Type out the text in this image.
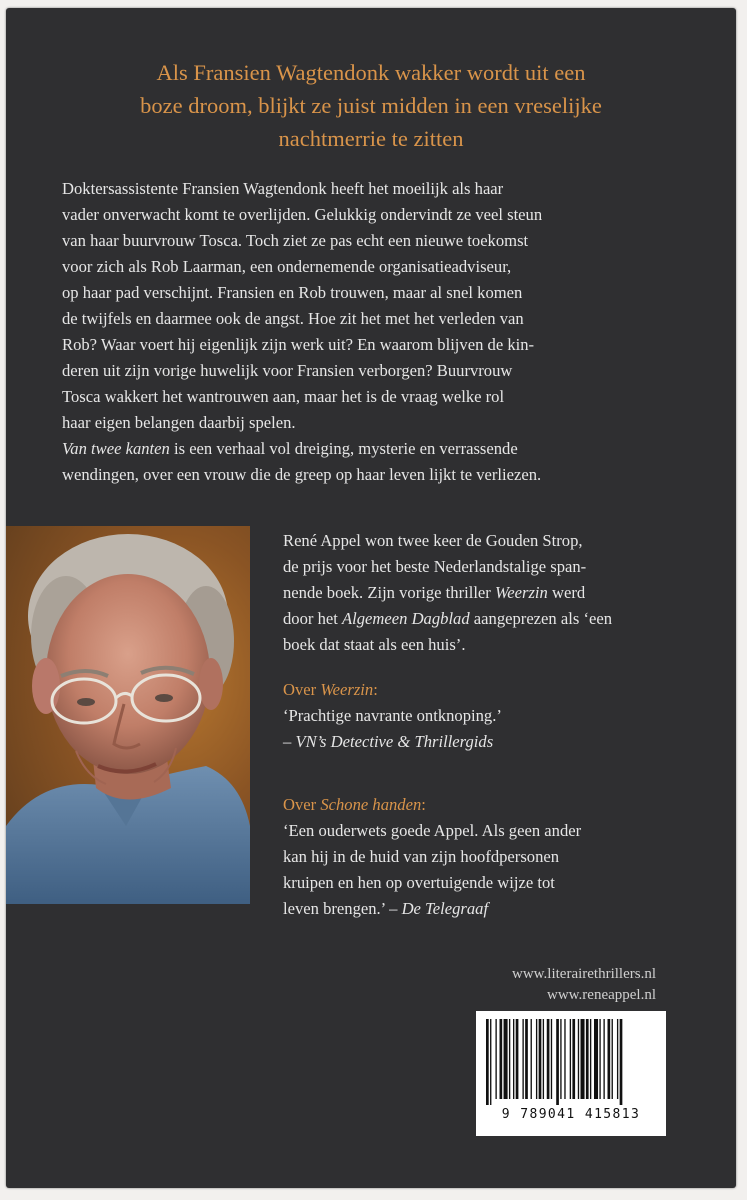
Als Fransien Wagtendonk wakker wordt uit een
boze droom, blijkt ze juist midden in een vreselijke
nachtmerrie te zitten
Doktersassistente Fransien Wagtendonk heeft het moeilijk als haar
vader onverwacht komt te overlijden. Gelukkig ondervindt ze veel steun
van haar buurvrouw Tosca. Toch ziet ze pas echt een nieuwe toekomst
voor zich als Rob Laarman, een ondernemende organisatieadviseur,
op haar pad verschijnt. Fransien en Rob trouwen, maar al snel komen
de twijfels en daarmee ook de angst. Hoe zit het met het verleden van
Rob? Waar voert hij eigenlijk zijn werk uit? En waarom blijven de kin-
deren uit zijn vorige huwelijk voor Fransien verborgen? Buurvrouw
Tosca wakkert het wantrouwen aan, maar het is de vraag welke rol
haar eigen belangen daarbij spelen.
Van twee kanten is een verhaal vol dreiging, mysterie en verrassende
wendingen, over een vrouw die de greep op haar leven lijkt te verliezen.
René Appel won twee keer de Gouden Strop,
de prijs voor het beste Nederlandstalige span-
nende boek. Zijn vorige thriller Weerzin werd
door het Algemeen Dagblad aangeprezen als ‘een
boek dat staat als een huis’.
Over Weerzin:
‘Prachtige navrante ontknoping.’
– VN’s Detective & Thrillergids
Over Schone handen:
‘Een ouderwets goede Appel. Als geen ander
kan hij in de huid van zijn hoofdpersonen
kruipen en hen op overtuigende wijze tot
leven brengen.’ – De Telegraaf
www.literairethrillers.nl
www.reneappel.nl
9 789041 415813
